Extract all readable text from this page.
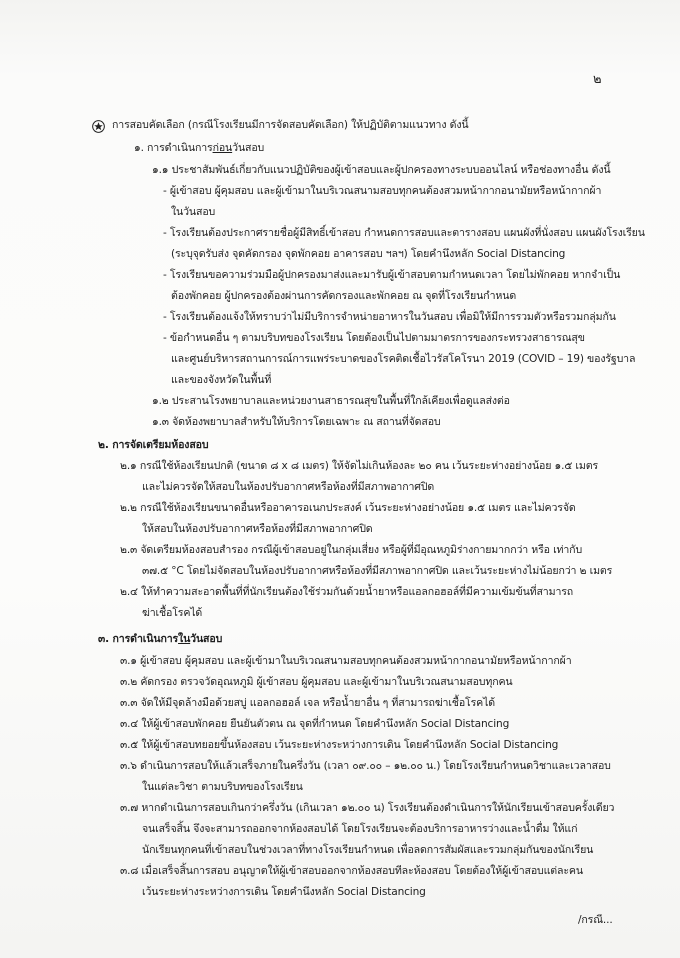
๒
การสอบคัดเลือก (กรณีโรงเรียนมีการจัดสอบคัดเลือก) ให้ปฏิบัติตามแนวทาง ดังนี้
๑. การดำเนินการก่อนวันสอบ
๑.๑ ประชาสัมพันธ์เกี่ยวกับแนวปฏิบัติของผู้เข้าสอบและผู้ปกครองทางระบบออนไลน์ หรือช่องทางอื่น ดังนี้
- ผู้เข้าสอบ ผู้คุมสอบ และผู้เข้ามาในบริเวณสนามสอบทุกคนต้องสวมหน้ากากอนามัยหรือหน้ากากผ้า
ในวันสอบ
- โรงเรียนต้องประกาศรายชื่อผู้มีสิทธิ์เข้าสอบ กำหนดการสอบและตารางสอบ แผนผังที่นั่งสอบ แผนผังโรงเรียน
(ระบุจุดรับส่ง จุดคัดกรอง จุดพักคอย อาคารสอบ ฯลฯ) โดยคำนึงหลัก Social Distancing
- โรงเรียนขอความร่วมมือผู้ปกครองมาส่งและมารับผู้เข้าสอบตามกำหนดเวลา โดยไม่พักคอย หากจำเป็น
ต้องพักคอย ผู้ปกครองต้องผ่านการคัดกรองและพักคอย ณ จุดที่โรงเรียนกำหนด
- โรงเรียนต้องแจ้งให้ทราบว่าไม่มีบริการจำหน่ายอาหารในวันสอบ เพื่อมิให้มีการรวมตัวหรือรวมกลุ่มกัน
- ข้อกำหนดอื่น ๆ ตามบริบทของโรงเรียน โดยต้องเป็นไปตามมาตรการของกระทรวงสาธารณสุข
และศูนย์บริหารสถานการณ์การแพร่ระบาดของโรคติดเชื้อไวรัสโคโรนา 2019 (COVID – 19) ของรัฐบาล
และของจังหวัดในพื้นที่
๑.๒ ประสานโรงพยาบาลและหน่วยงานสาธารณสุขในพื้นที่ใกล้เคียงเพื่อดูแลส่งต่อ
๑.๓ จัดห้องพยาบาลสำหรับให้บริการโดยเฉพาะ ณ สถานที่จัดสอบ
๒. การจัดเตรียมห้องสอบ
๒.๑ กรณีใช้ห้องเรียนปกติ (ขนาด ๘ x ๘ เมตร) ให้จัดไม่เกินห้องละ ๒๐ คน เว้นระยะห่างอย่างน้อย ๑.๕ เมตร
และไม่ควรจัดให้สอบในห้องปรับอากาศหรือห้องที่มีสภาพอากาศปิด
๒.๒ กรณีใช้ห้องเรียนขนาดอื่นหรืออาคารอเนกประสงค์ เว้นระยะห่างอย่างน้อย ๑.๕ เมตร และไม่ควรจัด
ให้สอบในห้องปรับอากาศหรือห้องที่มีสภาพอากาศปิด
๒.๓ จัดเตรียมห้องสอบสำรอง กรณีผู้เข้าสอบอยู่ในกลุ่มเสี่ยง หรือผู้ที่มีอุณหภูมิร่างกายมากกว่า หรือ เท่ากับ
๓๗.๕ °C โดยไม่จัดสอบในห้องปรับอากาศหรือห้องที่มีสภาพอากาศปิด และเว้นระยะห่างไม่น้อยกว่า ๒ เมตร
๒.๔ ให้ทำความสะอาดพื้นที่ที่นักเรียนต้องใช้ร่วมกันด้วยน้ำยาหรือแอลกอฮอล์ที่มีความเข้มข้นที่สามารถ
ฆ่าเชื้อโรคได้
๓. การดำเนินการในวันสอบ
๓.๑ ผู้เข้าสอบ ผู้คุมสอบ และผู้เข้ามาในบริเวณสนามสอบทุกคนต้องสวมหน้ากากอนามัยหรือหน้ากากผ้า
๓.๒ คัดกรอง ตรวจวัดอุณหภูมิ ผู้เข้าสอบ ผู้คุมสอบ และผู้เข้ามาในบริเวณสนามสอบทุกคน
๓.๓ จัดให้มีจุดล้างมือด้วยสบู่ แอลกอฮอล์ เจล หรือน้ำยาอื่น ๆ ที่สามารถฆ่าเชื้อโรคได้
๓.๔ ให้ผู้เข้าสอบพักคอย ยืนยันตัวตน ณ จุดที่กำหนด โดยคำนึงหลัก Social Distancing
๓.๕ ให้ผู้เข้าสอบทยอยขึ้นห้องสอบ เว้นระยะห่างระหว่างการเดิน โดยคำนึงหลัก Social Distancing
๓.๖ ดำเนินการสอบให้แล้วเสร็จภายในครึ่งวัน (เวลา ๐๙.๐๐ – ๑๒.๐๐ น.) โดยโรงเรียนกำหนดวิชาและเวลาสอบ
ในแต่ละวิชา ตามบริบทของโรงเรียน
๓.๗ หากดำเนินการสอบเกินกว่าครึ่งวัน (เกินเวลา ๑๒.๐๐ น) โรงเรียนต้องดำเนินการให้นักเรียนเข้าสอบครั้งเดียว
จนเสร็จสิ้น จึงจะสามารถออกจากห้องสอบได้ โดยโรงเรียนจะต้องบริการอาหารว่างและน้ำดื่ม ให้แก่
นักเรียนทุกคนที่เข้าสอบในช่วงเวลาที่ทางโรงเรียนกำหนด เพื่อลดการสัมผัสและรวมกลุ่มกันของนักเรียน
๓.๘ เมื่อเสร็จสิ้นการสอบ อนุญาตให้ผู้เข้าสอบออกจากห้องสอบทีละห้องสอบ โดยต้องให้ผู้เข้าสอบแต่ละคน
เว้นระยะห่างระหว่างการเดิน โดยคำนึงหลัก Social Distancing
/กรณี...
